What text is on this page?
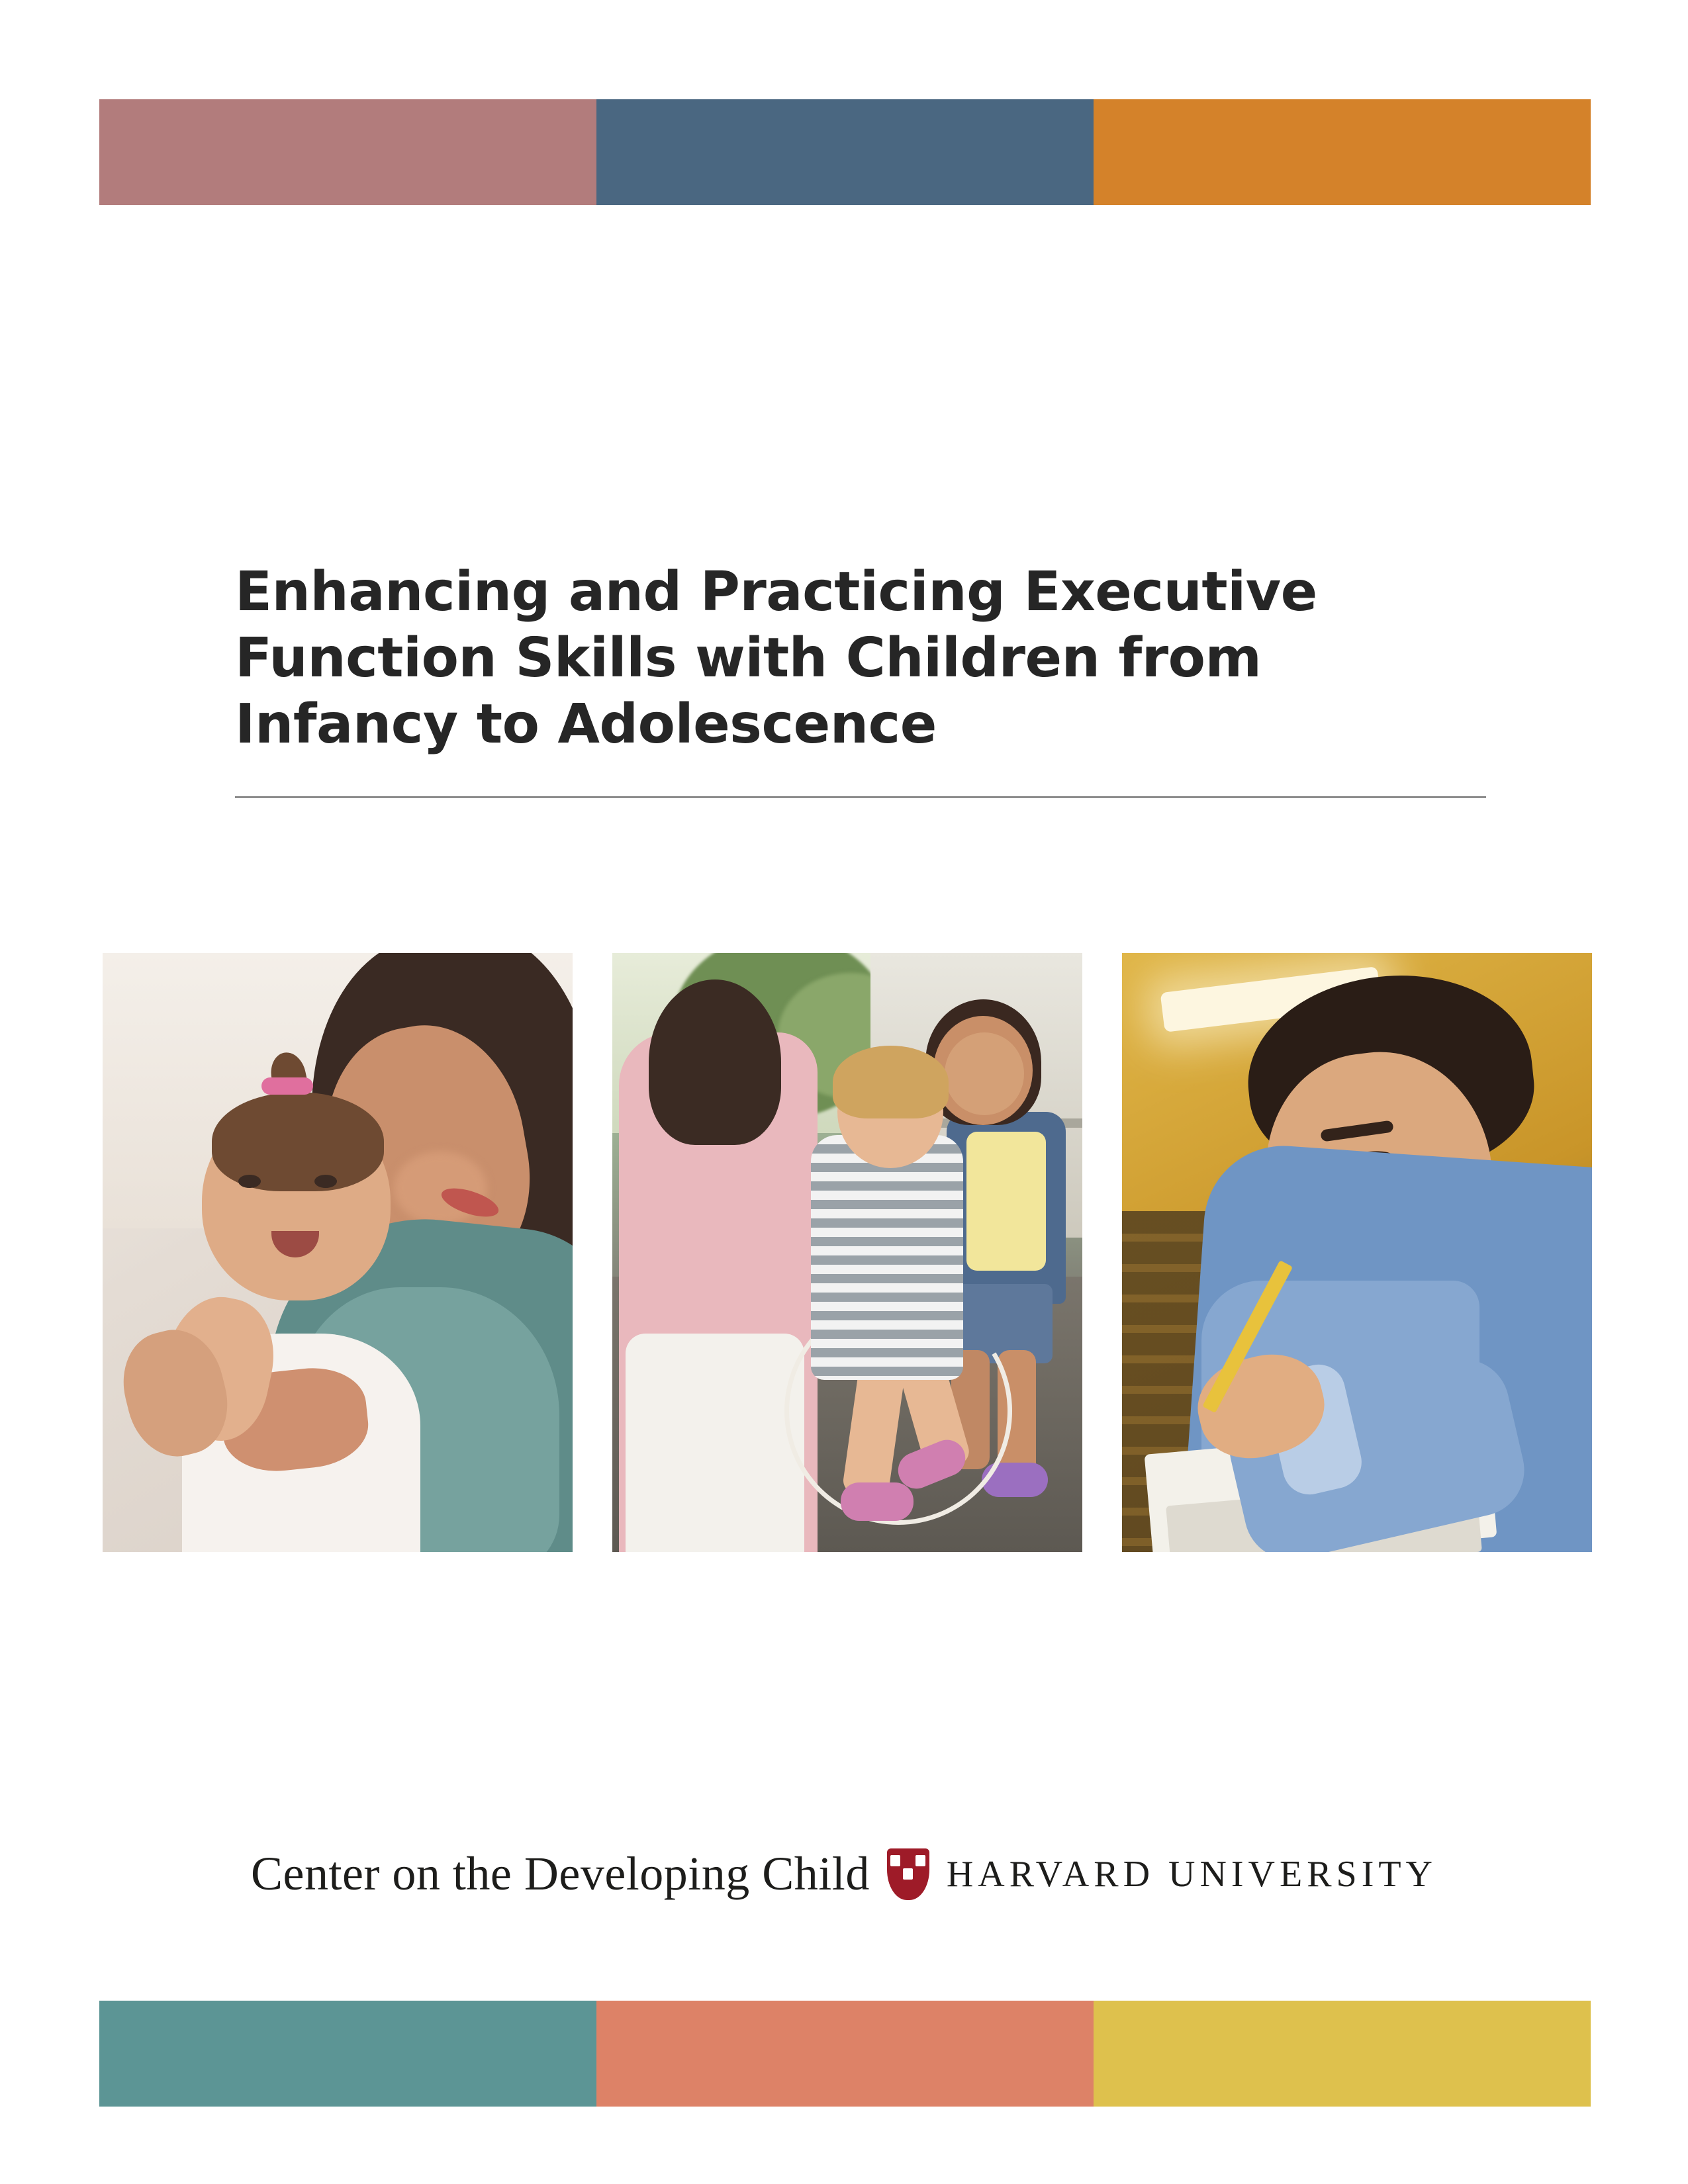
Enhancing and Practicing Executive Function Skills with Children from Infancy to Adolescence
Center on the Developing Child HARVARD UNIVERSITY
